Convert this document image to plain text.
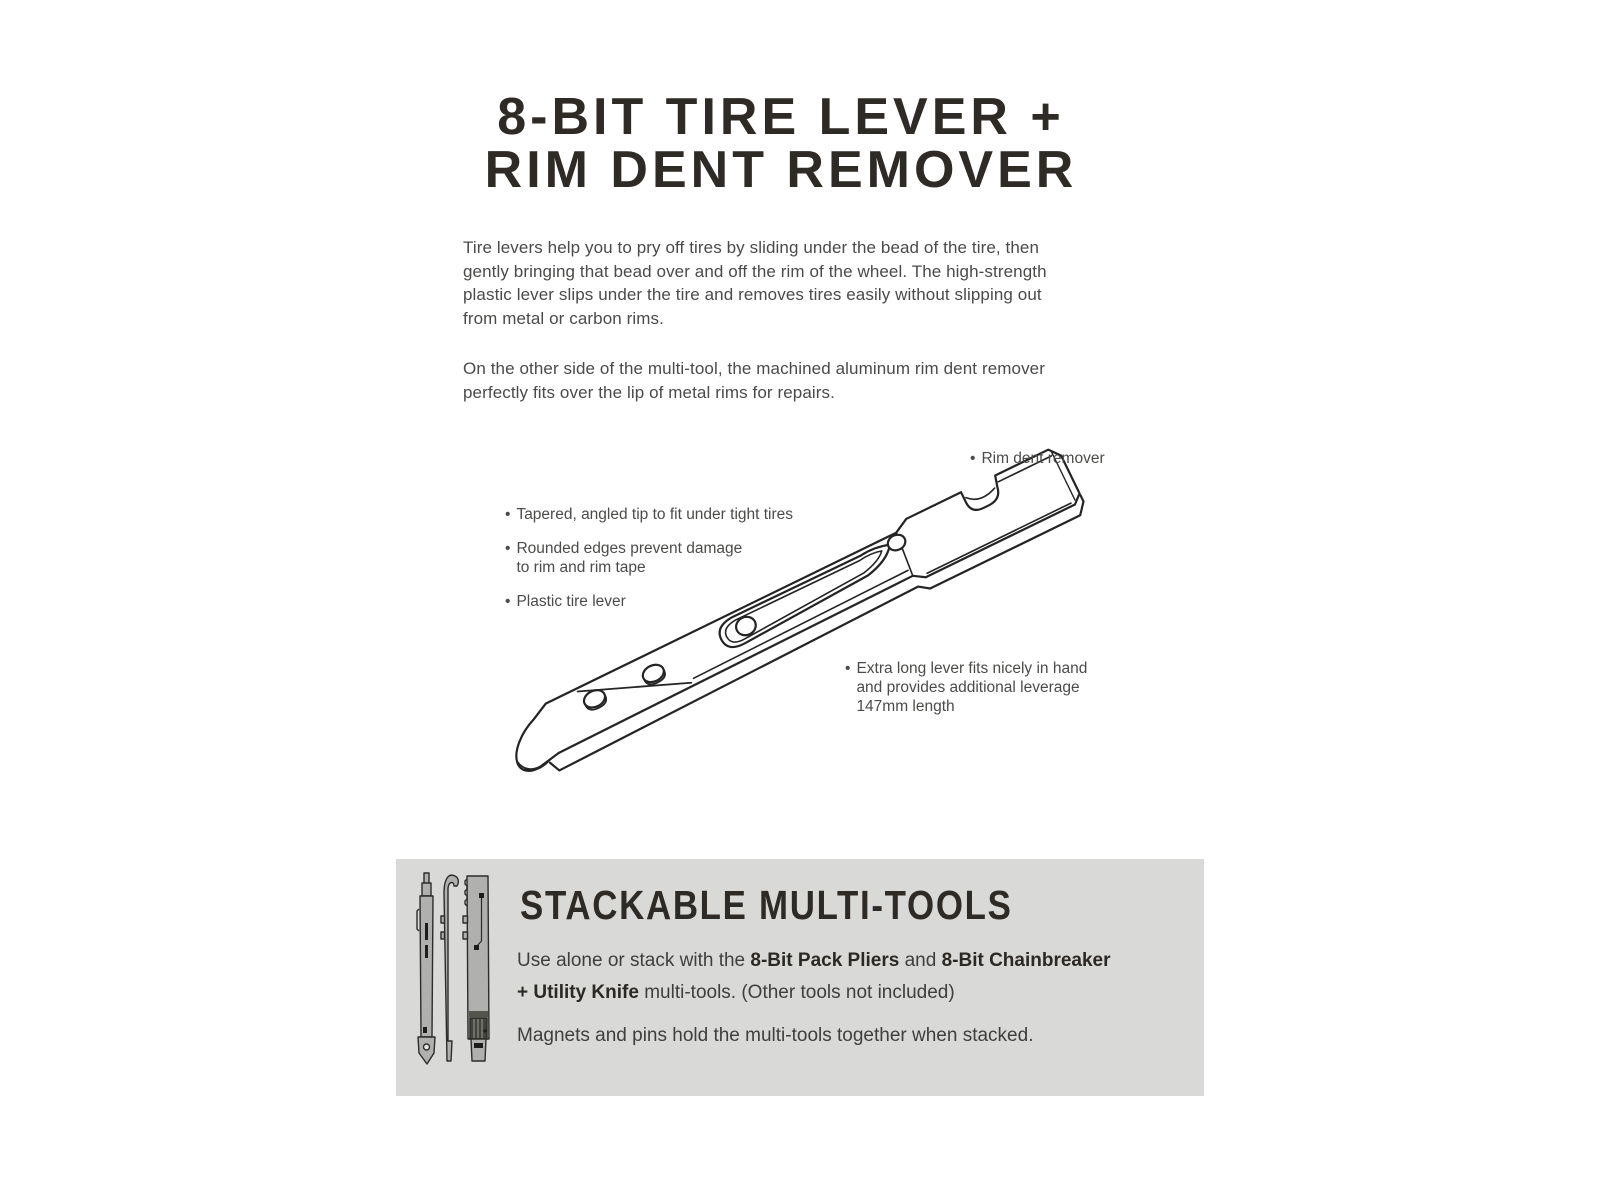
8-BIT TIRE LEVER +
RIM DENT REMOVER

Tire levers help you to pry off tires by sliding under the bead of the tire, then
gently bringing that bead over and off the rim of the wheel. The high-strength
plastic lever slips under the tire and removes tires easily without slipping out
from metal or carbon rims.

On the other side of the multi-tool, the machined aluminum rim dent remover
perfectly fits over the lip of metal rims for repairs.

• Rim dent remover
• Tapered, angled tip to fit under tight tires
• Rounded edges prevent damage
to rim and rim tape
• Plastic tire lever
• Extra long lever fits nicely in hand
and provides additional leverage
147mm length
STACKABLE MULTI-TOOLS

Use alone or stack with the 8-Bit Pack Pliers and 8-Bit Chainbreaker
+ Utility Knife multi-tools. (Other tools not included)

Magnets and pins hold the multi-tools together when stacked.
